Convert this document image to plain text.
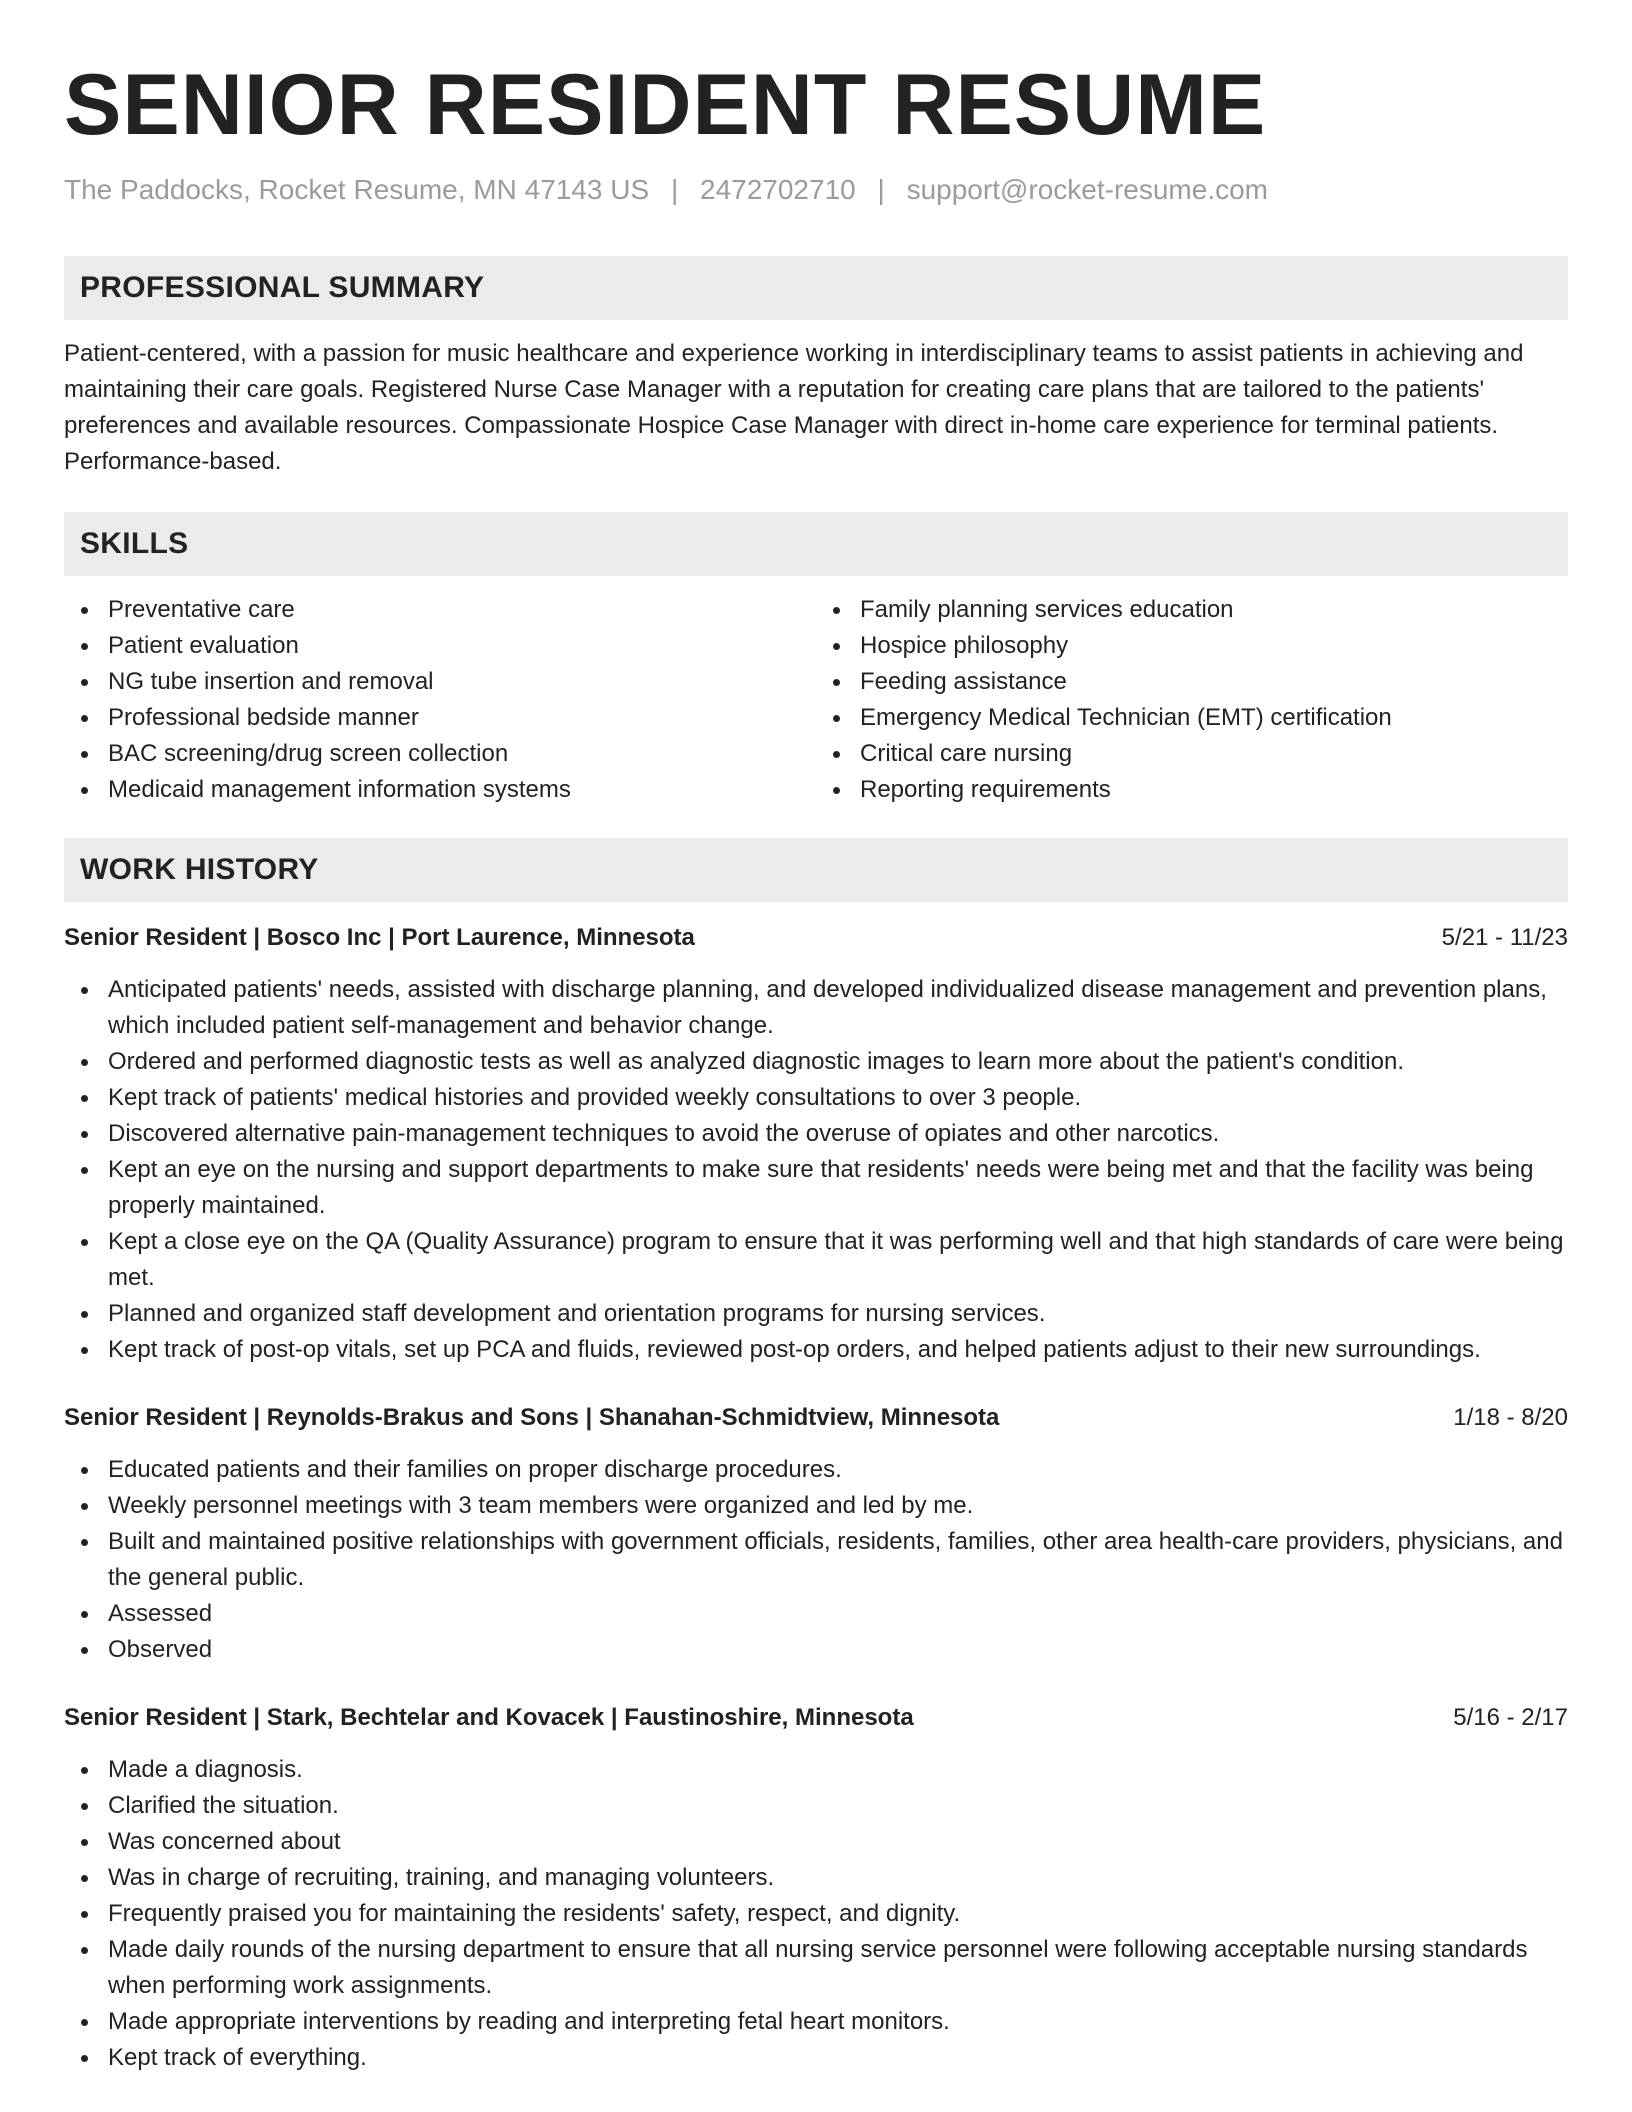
SENIOR RESIDENT RESUME
The Paddocks, Rocket Resume, MN 47143 US | 2472702710 | support@rocket-resume.com
PROFESSIONAL SUMMARY
Patient-centered, with a passion for music healthcare and experience working in interdisciplinary teams to assist patients in achieving and maintaining their care goals. Registered Nurse Case Manager with a reputation for creating care plans that are tailored to the patients' preferences and available resources. Compassionate Hospice Case Manager with direct in-home care experience for terminal patients. Performance-based.
SKILLS
Preventative care
Patient evaluation
NG tube insertion and removal
Professional bedside manner
BAC screening/drug screen collection
Medicaid management information systems
Family planning services education
Hospice philosophy
Feeding assistance
Emergency Medical Technician (EMT) certification
Critical care nursing
Reporting requirements
WORK HISTORY
Senior Resident | Bosco Inc | Port Laurence, Minnesota	5/21 - 11/23
Anticipated patients' needs, assisted with discharge planning, and developed individualized disease management and prevention plans, which included patient self-management and behavior change.
Ordered and performed diagnostic tests as well as analyzed diagnostic images to learn more about the patient's condition.
Kept track of patients' medical histories and provided weekly consultations to over 3 people.
Discovered alternative pain-management techniques to avoid the overuse of opiates and other narcotics.
Kept an eye on the nursing and support departments to make sure that residents' needs were being met and that the facility was being properly maintained.
Kept a close eye on the QA (Quality Assurance) program to ensure that it was performing well and that high standards of care were being met.
Planned and organized staff development and orientation programs for nursing services.
Kept track of post-op vitals, set up PCA and fluids, reviewed post-op orders, and helped patients adjust to their new surroundings.
Senior Resident | Reynolds-Brakus and Sons | Shanahan-Schmidtview, Minnesota	1/18 - 8/20
Educated patients and their families on proper discharge procedures.
Weekly personnel meetings with 3 team members were organized and led by me.
Built and maintained positive relationships with government officials, residents, families, other area health-care providers, physicians, and the general public.
Assessed
Observed
Senior Resident | Stark, Bechtelar and Kovacek | Faustinoshire, Minnesota	5/16 - 2/17
Made a diagnosis.
Clarified the situation.
Was concerned about
Was in charge of recruiting, training, and managing volunteers.
Frequently praised you for maintaining the residents' safety, respect, and dignity.
Made daily rounds of the nursing department to ensure that all nursing service personnel were following acceptable nursing standards when performing work assignments.
Made appropriate interventions by reading and interpreting fetal heart monitors.
Kept track of everything.
